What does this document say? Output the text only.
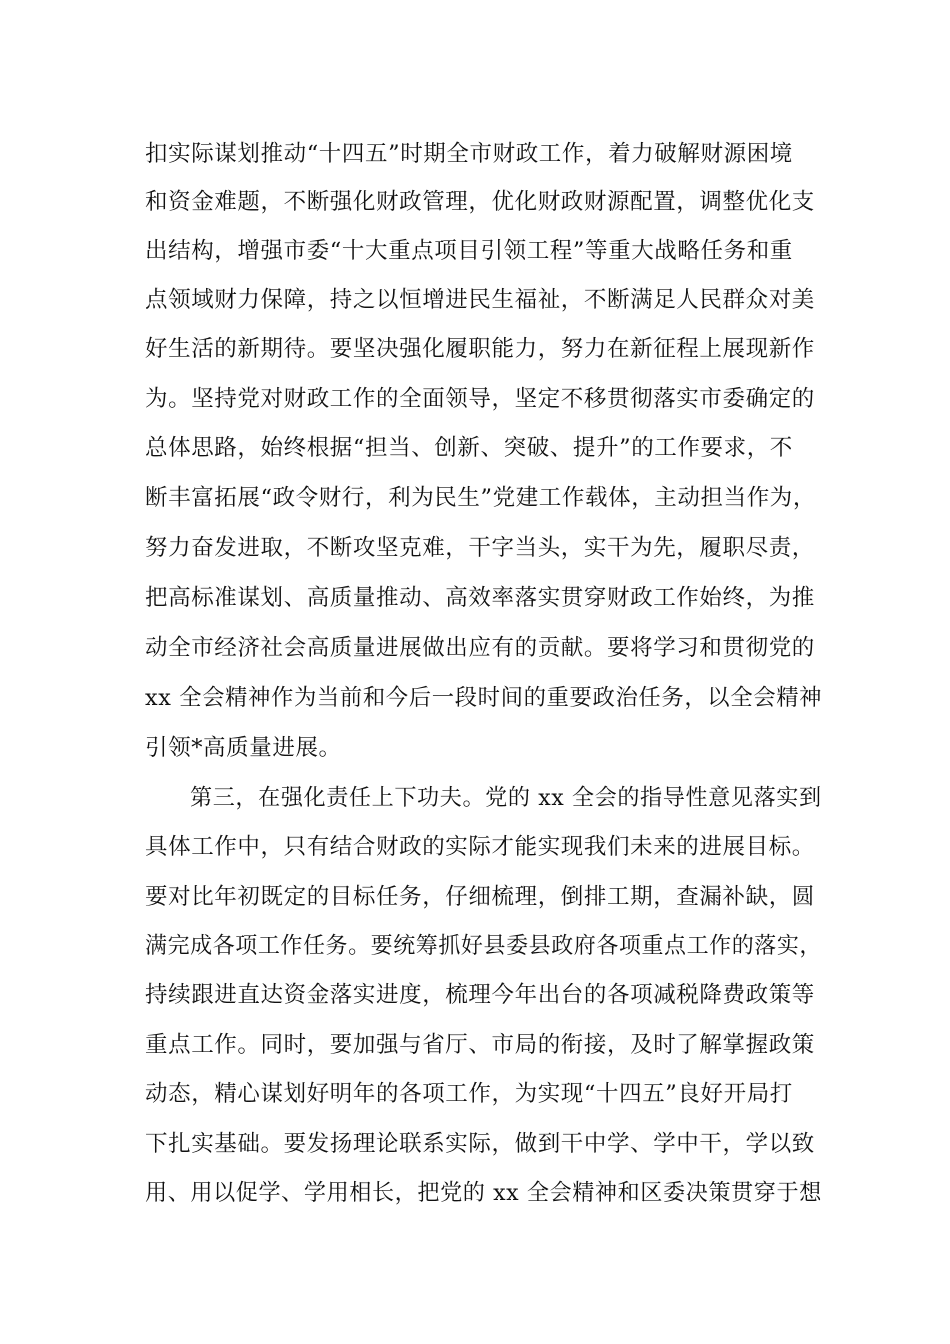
扣实际谋划推动“十四五”时期全市财政工作，着力破解财源困境
和资金难题，不断强化财政管理，优化财政财源配置，调整优化支
出结构，增强市委“十大重点项目引领工程”等重大战略任务和重
点领域财力保障，持之以恒增进民生福祉，不断满足人民群众对美
好生活的新期待。要坚决强化履职能力，努力在新征程上展现新作
为。坚持党对财政工作的全面领导，坚定不移贯彻落实市委确定的
总体思路，始终根据“担当、创新、突破、提升”的工作要求，不
断丰富拓展“政令财行，利为民生”党建工作载体，主动担当作为，
努力奋发进取，不断攻坚克难，干字当头，实干为先，履职尽责，
把高标准谋划、高质量推动、高效率落实贯穿财政工作始终，为推
动全市经济社会高质量进展做出应有的贡献。要将学习和贯彻党的
xx 全会精神作为当前和今后一段时间的重要政治任务，以全会精神
引领*高质量进展。
第三，在强化责任上下功夫。党的 xx 全会的指导性意见落实到
具体工作中，只有结合财政的实际才能实现我们未来的进展目标。
要对比年初既定的目标任务，仔细梳理，倒排工期，查漏补缺，圆
满完成各项工作任务。要统筹抓好县委县政府各项重点工作的落实，
持续跟进直达资金落实进度，梳理今年出台的各项减税降费政策等
重点工作。同时，要加强与省厅、市局的衔接，及时了解掌握政策
动态，精心谋划好明年的各项工作，为实现“十四五”良好开局打
下扎实基础。要发扬理论联系实际，做到干中学、学中干，学以致
用、用以促学、学用相长，把党的 xx 全会精神和区委决策贯穿于想
